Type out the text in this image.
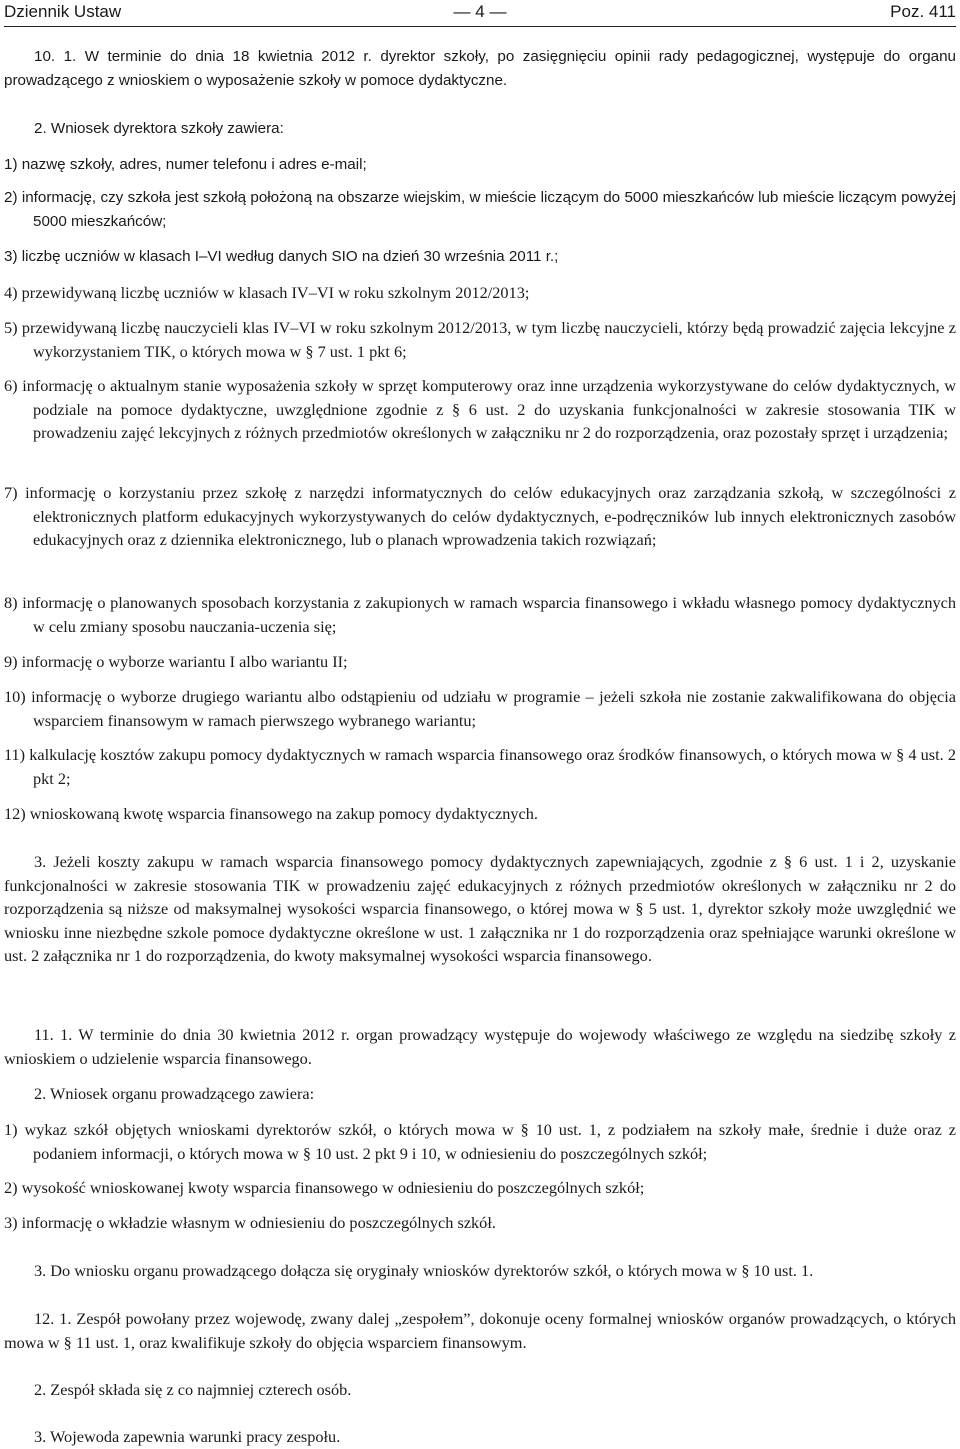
Dziennik Ustaw	— 4 —	Poz. 411
10. 1. W terminie do dnia 18 kwietnia 2012 r. dyrektor szkoły, po zasięgnięciu opinii rady pedagogicznej, występuje do organu prowadzącego z wnioskiem o wyposażenie szkoły w pomoce dydaktyczne.
2. Wniosek dyrektora szkoły zawiera:
1) nazwę szkoły, adres, numer telefonu i adres e-mail;
2) informację, czy szkoła jest szkołą położoną na obszarze wiejskim, w mieście liczącym do 5000 mieszkańców lub mieście liczącym powyżej 5000 mieszkańców;
3) liczbę uczniów w klasach I–VI według danych SIO na dzień 30 września 2011 r.;
4) przewidywaną liczbę uczniów w klasach IV–VI w roku szkolnym 2012/2013;
5) przewidywaną liczbę nauczycieli klas IV–VI w roku szkolnym 2012/2013, w tym liczbę nauczycieli, którzy będą prowadzić zajęcia lekcyjne z wykorzystaniem TIK, o których mowa w § 7 ust. 1 pkt 6;
6) informację o aktualnym stanie wyposażenia szkoły w sprzęt komputerowy oraz inne urządzenia wykorzystywane do celów dydaktycznych, w podziale na pomoce dydaktyczne, uwzględnione zgodnie z § 6 ust. 2 do uzyskania funkcjonalności w zakresie stosowania TIK w prowadzeniu zajęć lekcyjnych z różnych przedmiotów określonych w załączniku nr 2 do rozporządzenia, oraz pozostały sprzęt i urządzenia;
7) informację o korzystaniu przez szkołę z narzędzi informatycznych do celów edukacyjnych oraz zarządzania szkołą, w szczególności z elektronicznych platform edukacyjnych wykorzystywanych do celów dydaktycznych, e-podręczników lub innych elektronicznych zasobów edukacyjnych oraz z dziennika elektronicznego, lub o planach wprowadzenia takich rozwiązań;
8) informację o planowanych sposobach korzystania z zakupionych w ramach wsparcia finansowego i wkładu własnego pomocy dydaktycznych w celu zmiany sposobu nauczania-uczenia się;
9) informację o wyborze wariantu I albo wariantu II;
10) informację o wyborze drugiego wariantu albo odstąpieniu od udziału w programie – jeżeli szkoła nie zostanie zakwalifikowana do objęcia wsparciem finansowym w ramach pierwszego wybranego wariantu;
11) kalkulację kosztów zakupu pomocy dydaktycznych w ramach wsparcia finansowego oraz środków finansowych, o których mowa w § 4 ust. 2 pkt 2;
12) wnioskowaną kwotę wsparcia finansowego na zakup pomocy dydaktycznych.
3. Jeżeli koszty zakupu w ramach wsparcia finansowego pomocy dydaktycznych zapewniających, zgodnie z § 6 ust. 1 i 2, uzyskanie funkcjonalności w zakresie stosowania TIK w prowadzeniu zajęć edukacyjnych z różnych przedmiotów określonych w załączniku nr 2 do rozporządzenia są niższe od maksymalnej wysokości wsparcia finansowego, o której mowa w § 5 ust. 1, dyrektor szkoły może uwzględnić we wniosku inne niezbędne szkole pomoce dydaktyczne określone w ust. 1 załącznika nr 1 do rozporządzenia oraz spełniające warunki określone w ust. 2 załącznika nr 1 do rozporządzenia, do kwoty maksymalnej wysokości wsparcia finansowego.
11. 1. W terminie do dnia 30 kwietnia 2012 r. organ prowadzący występuje do wojewody właściwego ze względu na siedzibę szkoły z wnioskiem o udzielenie wsparcia finansowego.
2. Wniosek organu prowadzącego zawiera:
1) wykaz szkół objętych wnioskami dyrektorów szkół, o których mowa w § 10 ust. 1, z podziałem na szkoły małe, średnie i duże oraz z podaniem informacji, o których mowa w § 10 ust. 2 pkt 9 i 10, w odniesieniu do poszczególnych szkół;
2) wysokość wnioskowanej kwoty wsparcia finansowego w odniesieniu do poszczególnych szkół;
3) informację o wkładzie własnym w odniesieniu do poszczególnych szkół.
3. Do wniosku organu prowadzącego dołącza się oryginały wniosków dyrektorów szkół, o których mowa w § 10 ust. 1.
12. 1. Zespół powołany przez wojewodę, zwany dalej „zespołem”, dokonuje oceny formalnej wniosków organów prowadzących, o których mowa w § 11 ust. 1, oraz kwalifikuje szkoły do objęcia wsparciem finansowym.
2. Zespół składa się z co najmniej czterech osób.
3. Wojewoda zapewnia warunki pracy zespołu.
